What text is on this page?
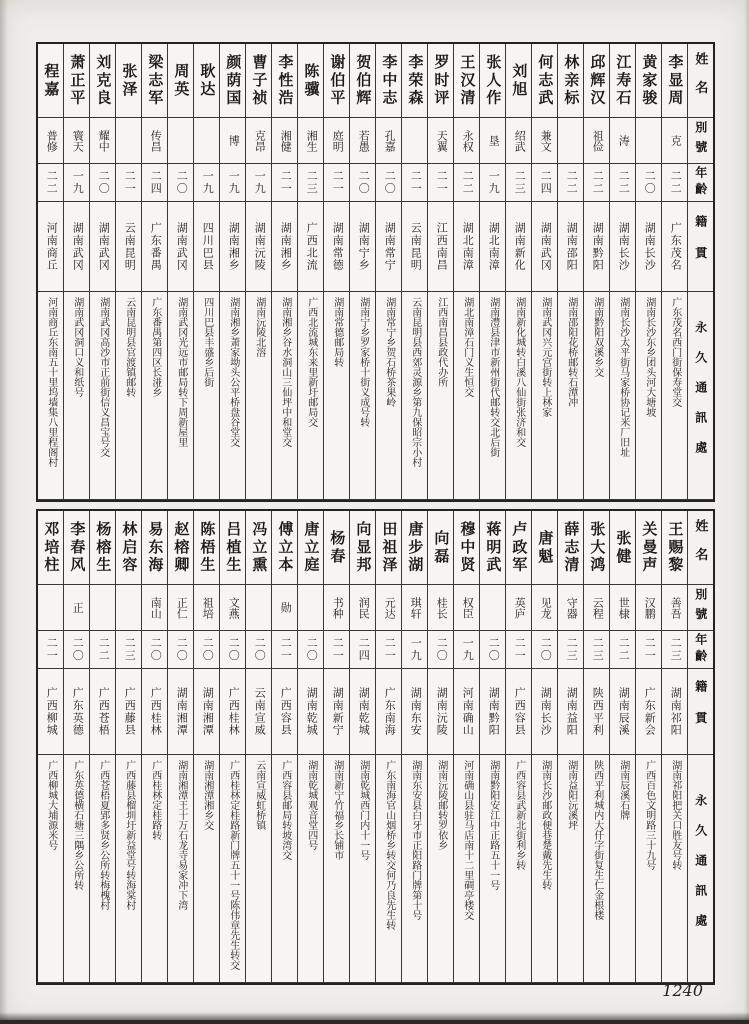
姓名
別號
年齡
籍貫
永久通訊處
李显周
克
二二
广东茂名
广东茂名西门街保寿堂交
黄家骏
二〇
湖南长沙
湖南长沙东乡团头河大塘坡
江寿石
涛
二二
湖南长沙
湖南长沙太平街马家桥协记米厂旧址
邱辉汉
祖俭
二二
湖南黔阳
湖南黔阳双溪乡交
林亲标
二二
湖南邵阳
湖南邵阳花桥邮转石潭冲
何志武
兼文
二四
湖南武冈
湖南武冈兴元宫街转上林家
刘旭
绍武
二三
湖南新化
湖南新化城转白溪八仙街张济和交
张人作
垦
一九
湖北南漳
湖南澧县津市新州街代邮转交北后街
王汉清
永权
二二
湖北南漳
湖北南漳石门义生恒交
罗时评
天翼
二一
江西南昌
江西南昌县政代办所
李荣森
二一
云南昆明
云南昆明县西郊灵源乡第九保昭宗小村
李中志
孔嘉
二〇
湖南常宁
湖南常宁乡贺石桥茶果岭
贺伯辉
若愚
二〇
湖南宁乡
湖南宁乡罗家桥十街义成号转
谢伯平
庭明
二一
湖南常德
湖南常德邮局转
陈骥
湘生
二三
广西北流
广西北流城东来里新圩邮局交
李性浩
湘健
二一
湖南湘乡
湖南湘乡谷水洞山三仙坪中和堂交
曹子祯
克昂
一九
湖南沅陵
湖南沅陵北溶
颜荫国
博
一九
湖南湘乡
湖南湘乡萧家坳头公平桥盘谷堂交
耿达
一九
四川巴县
四川巴县丰盛乡后街
周英
二〇
湖南武冈
湖南武冈光远市邮局转下周新屋里
梁志军
传昌
二四
广东番禺
广东番禺第四区长湴乡
张泽
二一
云南昆明
云南昆明县官渡镇邮转
刘克良
耀中
二〇
湖南武冈
湖南武冈高沙市正前街信义昌宝号交
萧正平
寰天
一九
湖南武冈
湖南武冈洞口义和纸号
程嘉
普修
二二
河南商丘
河南商丘东南五十里坞墙集八里程阁村
姓名
別號
年齡
籍貫
永久通訊處
王赐黎
善吾
二三
湖南祁阳
湖南祁阳把关口胜友号转
关曼声
汉鹏
二一
广东新会
广西百色文明路三十九号
张健
世棣
二二
湖南辰溪
湖南辰溪石牌
张大鸿
云程
二三
陕西平利
陕西平利城内大仟字街复生仁金根楼
薛志清
守器
二三
湖南益阳
湖南益阳沅溪坪
唐魁
见龙
二〇
湖南长沙
湖南长沙邮政便巷楚戴先生转
卢政军
英庐
二一
广西容县
广西容县武新北街利乡转
蒋明武
二〇
湖南黔阳
湖南黔阳安江中正路五十一号
穆中贤
权臣
一九
河南确山
河南确山县驻马店南十二里碉亭楼交
向磊
桂长
二〇
湖南沅陵
湖南沅陵邮转罗依乡
唐步湖
琪轩
一九
湖南东安
湖南东安县白牙市正阳路门牌第十号
田祖泽
元达
二一
广东南海
广东南海官山烟桥乡转交何乃良先生转
向显邦
润民
二四
湖南乾城
湖南乾城西门内十一号
杨春
书种
二一
湖南新宁
湖南新宁竹福乡长铺市
唐立庭
二〇
湖南乾城
湖南乾城观音堂四号
傅立本
勋
二一
广西容县
广西容县邮局转坡湾交
冯立熏
二〇
云南宣威
云南宣威虹桥镇
吕植生
文燕
二〇
广西桂林
广西桂林定桂路新门牌五十一号陈伟章先生转交
陈梧生
祖培
二〇
湖南湘潭
湖南湘潭湘乡交
赵榕卿
正仁
二〇
湖南湘潭
湖南湘潭王十万石龙寺易家冲下湾
易东海
南山
二〇
广西桂林
广西桂林定桂路转
林启容
二三
广西藤县
广西藤县榴圳圩新益堂号转海棠村
杨榕生
二二
广西苍梧
广西苍梧夏郢多贤乡公所转梅槐村
李春风
正
二〇
广东英德
广东英德横石塘三隅乡公所转
邓培柱
二一
广西柳城
广西柳城大埔源米号
1240
